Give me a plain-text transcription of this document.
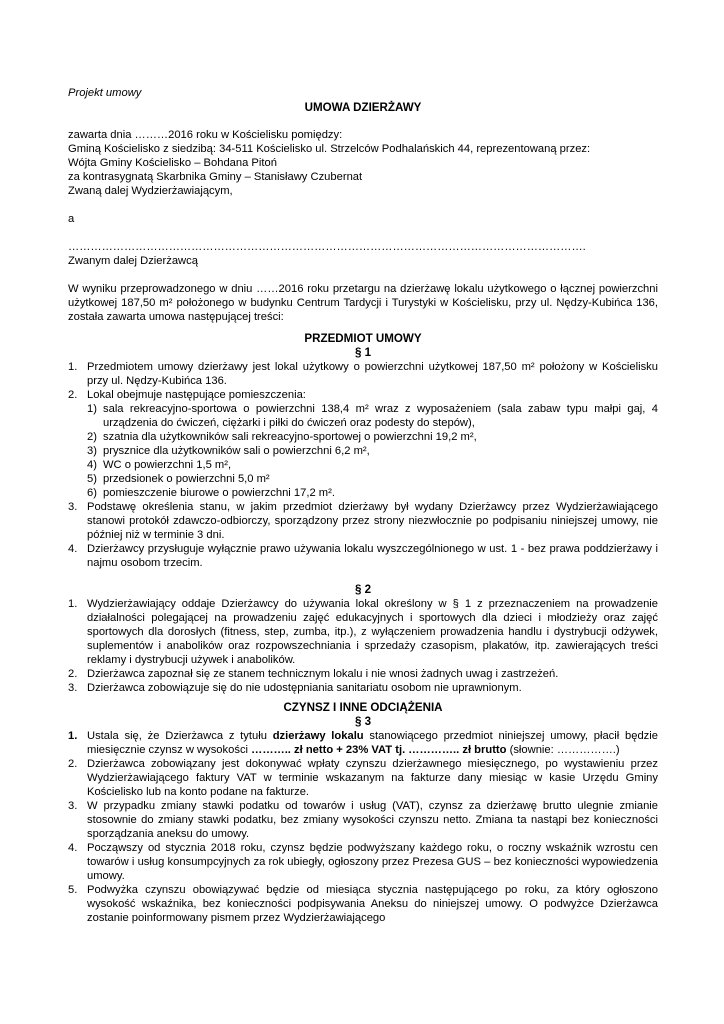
Projekt umowy
UMOWA DZIERŻAWY
zawarta dnia ………2016 roku w Kościelisku pomiędzy:
Gminą Kościelisko z siedzibą: 34-511 Kościelisko ul. Strzelców Podhalańskich 44, reprezentowaną przez:
Wójta Gminy Kościelisko – Bohdana Pitoń
za kontrasygnatą Skarbnika Gminy – Stanisławy Czubernat
Zwaną dalej Wydzierżawiającym,
a
………………………………………………………………………………………………………………………….
Zwanym dalej Dzierżawcą
W wyniku przeprowadzonego w dniu ……2016 roku przetargu na dzierżawę lokalu użytkowego o łącznej powierzchni użytkowej 187,50 m² położonego w budynku Centrum Tardycji i Turystyki w Kościelisku, przy ul. Nędzy-Kubińca 136, została zawarta umowa następującej treści:
PRZEDMIOT UMOWY
§ 1
1. Przedmiotem umowy dzierżawy jest lokal użytkowy o powierzchni użytkowej 187,50 m² położony w Kościelisku przy ul. Nędzy-Kubińca 136.
2. Lokal obejmuje następujące pomieszczenia:
1) sala rekreacyjno-sportowa o powierzchni 138,4 m² wraz z wyposażeniem (sala zabaw typu małpi gaj, 4 urządzenia do ćwiczeń, ciężarki i piłki do ćwiczeń oraz podesty do stepów),
2) szatnia dla użytkowników sali rekreacyjno-sportowej o powierzchni 19,2 m²,
3) prysznice dla użytkowników sali o powierzchni 6,2 m²,
4) WC o powierzchni 1,5 m²,
5) przedsionek o powierzchni 5,0 m²
6) pomieszczenie biurowe o powierzchni 17,2 m².
3. Podstawę określenia stanu, w jakim przedmiot dzierżawy był wydany Dzierżawcy przez Wydzierżawiającego stanowi protokół zdawczo-odbiorczy, sporządzony przez strony niezwłocznie po podpisaniu niniejszej umowy, nie później niż w terminie 3 dni.
4. Dzierżawcy przysługuje wyłącznie prawo używania lokalu wyszczególnionego w ust. 1 - bez prawa poddzierżawy i najmu osobom trzecim.
§ 2
1. Wydzierżawiający oddaje Dzierżawcy do używania lokal określony w § 1 z przeznaczeniem na prowadzenie działalności polegającej na prowadzeniu zajęć edukacyjnych i sportowych dla dzieci i młodzieży oraz zajęć sportowych dla dorosłych (fitness, step, zumba, itp.), z wyłączeniem prowadzenia handlu i dystrybucji odżywek, suplementów i anabolików oraz rozpowszechniania i sprzedaży czasopism, plakatów, itp. zawierających treści reklamy i dystrybucji używek i anabolików.
2. Dzierżawca zapoznał się ze stanem technicznym lokalu i nie wnosi żadnych uwag i zastrzeżeń.
3. Dzierżawca zobowiązuje się do nie udostępniania sanitariatu osobom nie uprawnionym.
CZYNSZ I INNE ODCIĄŻENIA
§ 3
1. Ustala się, że Dzierżawca z tytułu dzierżawy lokalu stanowiącego przedmiot niniejszej umowy, płacił będzie miesięcznie czynsz w wysokości ……….. zł netto + 23% VAT tj. ………….. zł brutto (słownie: …………….)
2. Dzierżawca zobowiązany jest dokonywać wpłaty czynszu dzierżawnego miesięcznego, po wystawieniu przez Wydzierżawiającego faktury VAT w terminie wskazanym na fakturze dany miesiąc w kasie Urzędu Gminy Kościelisko lub na konto podane na fakturze.
3. W przypadku zmiany stawki podatku od towarów i usług (VAT), czynsz za dzierżawę brutto ulegnie zmianie stosownie do zmiany stawki podatku, bez zmiany wysokości czynszu netto. Zmiana ta nastąpi bez konieczności sporządzania aneksu do umowy.
4. Począwszy od stycznia 2018 roku, czynsz będzie podwyższany każdego roku, o roczny wskaźnik wzrostu cen towarów i usług konsumpcyjnych za rok ubiegły, ogłoszony przez Prezesa GUS – bez konieczności wypowiedzenia umowy.
5. Podwyżka czynszu obowiązywać będzie od miesiąca stycznia następującego po roku, za który ogłoszono wysokość wskaźnika, bez konieczności podpisywania Aneksu do niniejszej umowy. O podwyżce Dzierżawca zostanie poinformowany pismem przez Wydzierżawiającego
